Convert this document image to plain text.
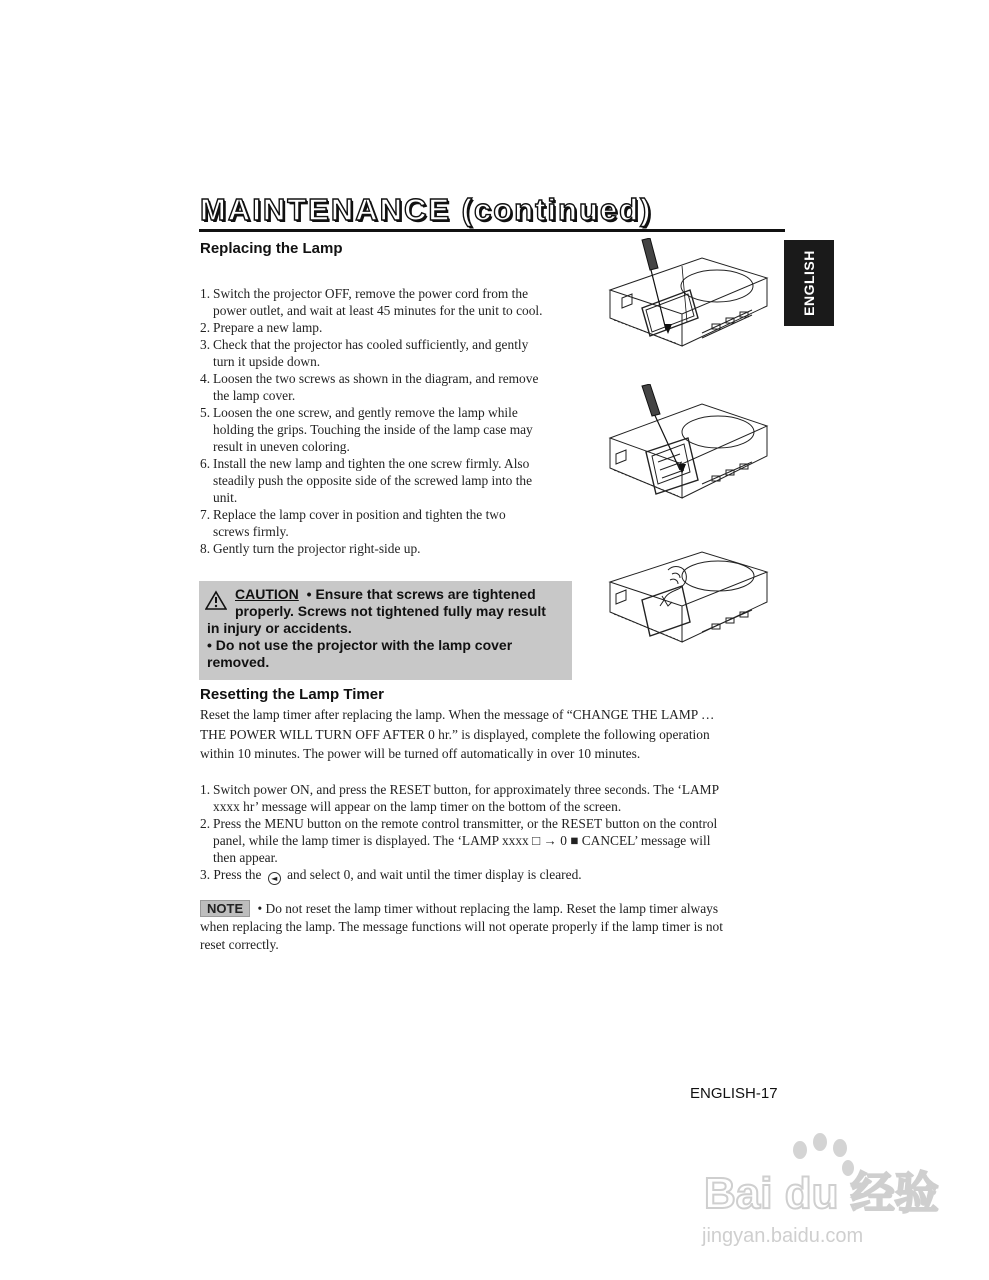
MAINTENANCE (continued)
ENGLISH
Replacing the Lamp
1. Switch the projector OFF, remove the power cord from the
power outlet, and wait at least 45 minutes for the unit to cool.
2. Prepare a new lamp.
3. Check that the projector has cooled sufficiently, and gently
turn it upside down.
4. Loosen the two screws as shown in the diagram, and remove
the lamp cover.
5. Loosen the one screw, and gently remove the lamp while
holding the grips. Touching the inside of the lamp case may
result in uneven coloring.
6. Install the new lamp and tighten the one screw firmly. Also
steadily push the opposite side of the screwed lamp into the
unit.
7. Replace the lamp cover in position and tighten the two
screws firmly.
8. Gently turn the projector right-side up.
CAUTION • Ensure that screws are tightened
properly. Screws not tightened fully may result
in injury or accidents.
• Do not use the projector with the lamp cover
removed.
Resetting the Lamp Timer
Reset the lamp timer after replacing the lamp. When the message of “CHANGE THE LAMP …
THE POWER WILL TURN OFF AFTER 0 hr.” is displayed, complete the following operation
within 10 minutes. The power will be turned off automatically in over 10 minutes.
1. Switch power ON, and press the RESET button, for approximately three seconds. The ‘LAMP
xxxx hr’ message will appear on the lamp timer on the bottom of the screen.
2. Press the MENU button on the remote control transmitter, or the RESET button on the control
panel, while the lamp timer is displayed. The ‘LAMP xxxx □ → 0 ■ CANCEL’ message will
then appear.
3. Press the ◄ and select 0, and wait until the timer display is cleared.
NOTE • Do not reset the lamp timer without replacing the lamp. Reset the lamp timer always
when replacing the lamp. The message functions will not operate properly if the lamp timer is not
reset correctly.
ENGLISH-17
Bai du 经验
jingyan.baidu.com
